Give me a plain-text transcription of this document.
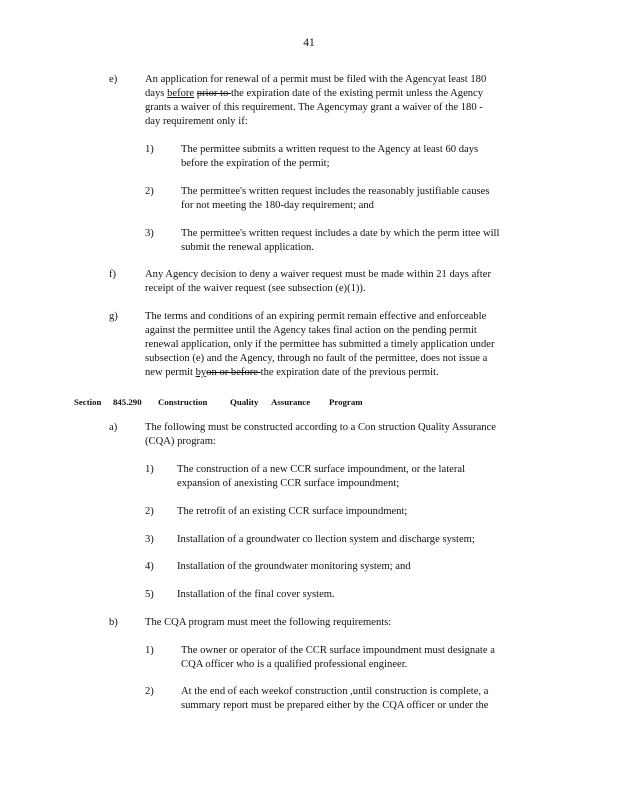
41
e)	An application for renewal of a permit must be filed with the Agencyat least 180
days before prior to the expiration date of the existing permit unless the Agency
grants a waiver of this requirement. The Agencymay grant a waiver of the 180 -
day requirement only if:
1)	The permittee submits a written request to the Agency at least 60 days
before the expiration of the permit;
2)	The permittee's written request includes the reasonably justifiable causes
for not meeting the 180-day requirement; and
3)	The permittee's written request includes a date by which the perm ittee will
submit the renewal application.
f)	Any Agency decision to deny a waiver request must be made within 21 days after
receipt of the waiver request (see subsection (e)(1)).
g)	The terms and conditions of an expiring permit remain effective and enforceable
against the permittee until the Agency takes final action on the pending permit
renewal application, only if the permittee has submitted a timely application under
subsection (e) and the Agency, through no fault of the permittee, does not issue a
new permit byon or before the expiration date of the previous permit.
Section 845.290 Construction	Quality Assurance Program
a)	The following must be constructed according to a Con struction Quality Assurance
(CQA) program:
1) The construction of a new CCR surface impoundment, or the lateral
expansion of anexisting CCR surface impoundment;
2) The retrofit of an existing CCR surface impoundment;
3) Installation of a groundwater co llection system and discharge system;
4) Installation of the groundwater monitoring system; and
5) Installation of the final cover system.
b)	The CQA program must meet the following requirements:
1)	The owner or operator of the CCR surface impoundment must designate a
CQA officer who is a qualified professional engineer.
2)	At the end of each weekof construction ,until construction is complete, a
summary report must be prepared either by the CQA officer or under the
